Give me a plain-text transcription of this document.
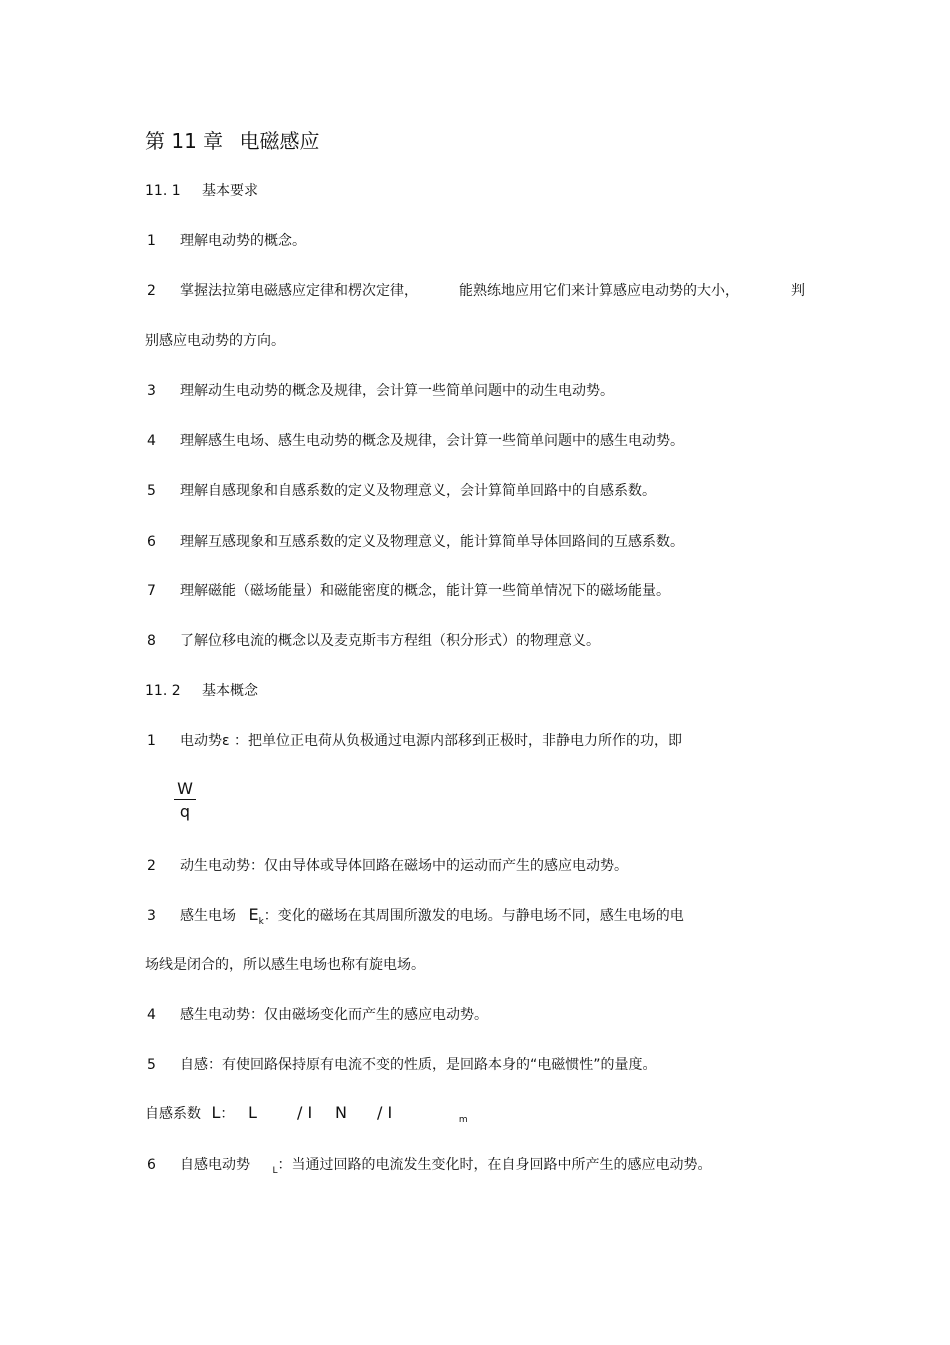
第 11 章 电磁感应
11. 1 基本要求
1 理解电动势的概念。
2 掌握法拉第电磁感应定律和楞次定律，	能熟练地应用它们来计算感应电动势的大小，	判
别感应电动势的方向。
3 理解动生电动势的概念及规律，会计算一些简单问题中的动生电动势。
4 理解感生电场、感生电动势的概念及规律，会计算一些简单问题中的感生电动势。
5 理解自感现象和自感系数的定义及物理意义，会计算简单回路中的自感系数。
6 理解互感现象和互感系数的定义及物理意义，能计算简单导体回路间的互感系数。
7 理解磁能（磁场能量）和磁能密度的概念，能计算一些简单情况下的磁场能量。
8 了解位移电流的概念以及麦克斯韦方程组（积分形式）的物理意义。
11. 2 基本概念
1 电动势ε ：把单位正电荷从负极通过电源内部移到正极时，非静电力所作的功，即
$\frac{W}{q}$
2 动生电动势：仅由导体或导体回路在磁场中的运动而产生的感应电动势。
3 感生电场 $E_k$：变化的磁场在其周围所激发的电场。与静电场不同，感生电场的电
场线是闭合的，所以感生电场也称有旋电场。
4 感生电动势：仅由磁场变化而产生的感应电动势。
5 自感：有使回路保持原有电流不变的性质，是回路本身的“电磁惯性”的量度。
自感系数 L： L	/ I N	$_m$
/ I
6 自感电动势 $_L$：当通过回路的电流发生变化时，在自身回路中所产生的感应电动势。
